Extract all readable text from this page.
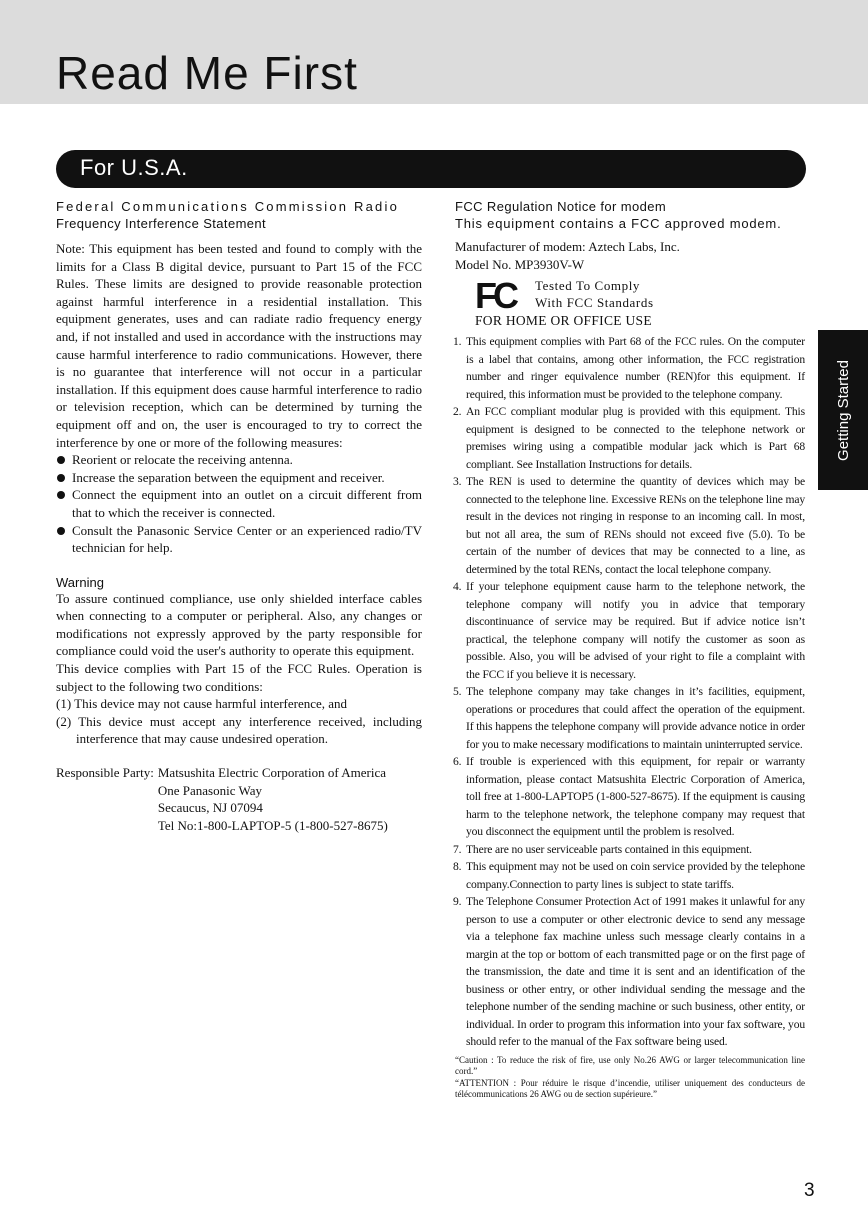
Read Me First
For U.S.A.
Getting Started

Federal Communications Commission Radio

Frequency Interference Statement

Note: This equipment has been tested and found to comply with the limits for a Class B digital device, pursuant to Part 15 of the FCC Rules. These limits are designed to provide reasonable protection against harmful interference in a residential installation. This equipment generates, uses and can radiate radio frequency energy and, if not installed and used in accordance with the instructions may cause harmful interference to radio communications. However, there is no guarantee that interference will not occur in a particular installation. If this equipment does cause harmful interference to radio or television reception, which can be determined by turning the equipment off and on, the user is encouraged to try to correct the interference by one or more of the following measures:

Reorient or relocate the receiving antenna.
Increase the separation between the equipment and receiver.
Connect the equipment into an outlet on a circuit different from that to which the receiver is connected.
Consult the Panasonic Service Center or an experienced radio/TV technician for help.

Warning

To assure continued compliance, use only shielded interface cables when connecting to a computer or peripheral. Also, any changes or modifications not expressly approved by the party responsible for compliance could void the user's authority to operate this equipment.

This device complies with Part 15 of the FCC Rules. Operation is subject to the following two conditions:

(1) This device may not cause harmful interference, and

(2) This device must accept any interference received, including interference that may cause undesired operation.

Responsible Party: Matsushita Electric Corporation of America
One Panasonic Way
Secaucus, NJ 07094
Tel No:1-800-LAPTOP-5 (1-800-527-8675)

FCC Regulation Notice for modem

This equipment contains a FCC approved modem.

Manufacturer of modem: Aztech Labs, Inc.

Model No. MP3930V-W

FC	Tested To Comply
With FCC Standards

FOR HOME OR OFFICE USE

1. This equipment complies with Part 68 of the FCC rules. On the computer is a label that contains, among other information, the FCC registration number and ringer equivalence number (REN)for this equipment. If required, this information must be provided to the telephone company.
2. An FCC compliant modular plug is provided with this equipment. This equipment is designed to be connected to the telephone network or premises wiring using a compatible modular jack which is Part 68 compliant. See Installation Instructions for details.
3. The REN is used to determine the quantity of devices which may be connected to the telephone line. Excessive RENs on the telephone line may result in the devices not ringing in response to an incoming call. In most, but not all area, the sum of RENs should not exceed five (5.0). To be certain of the number of devices that may be connected to a line, as determined by the total RENs, contact the local telephone company.
4. If your telephone equipment cause harm to the telephone network, the telephone company will notify you in advice that temporary discontinuance of service may be required. But if advice notice isn’t practical, the telephone company will notify the customer as soon as possible. Also, you will be advised of your right to file a complaint with the FCC if you believe it is necessary.
5. The telephone company may take changes in it’s facilities, equipment, operations or procedures that could affect the operation of the equipment. If this happens the telephone company will provide advance notice in order for you to make necessary modifications to maintain uninterrupted service.
6. If trouble is experienced with this equipment, for repair or warranty information, please contact Matsushita Electric Corporation of America, toll free at 1-800-LAPTOP5 (1-800-527-8675). If the equipment is causing harm to the telephone network, the telephone company may request that you disconnect the equipment until the problem is resolved.
7. There are no user serviceable parts contained in this equipment.
8. This equipment may not be used on coin service provided by the telephone company.Connection to party lines is subject to state tariffs.
9. The Telephone Consumer Protection Act of 1991 makes it unlawful for any person to use a computer or other electronic device to send any message via a telephone fax machine unless such message clearly contains in a margin at the top or bottom of each transmitted page or on the first page of the transmission, the date and time it is sent and an identification of the business or other entry, or other individual sending the message and the telephone number of the sending machine or such business, other entity, or individual. In order to program this information into your fax software, you should refer to the manual of the Fax software being used.
“Caution : To reduce the risk of fire, use only No.26 AWG or larger telecommunication line cord.”
“ATTENTION : Pour réduire le risque d’incendie, utiliser uniquement des conducteurs de télécommunications 26 AWG ou de section supérieure.”
3
